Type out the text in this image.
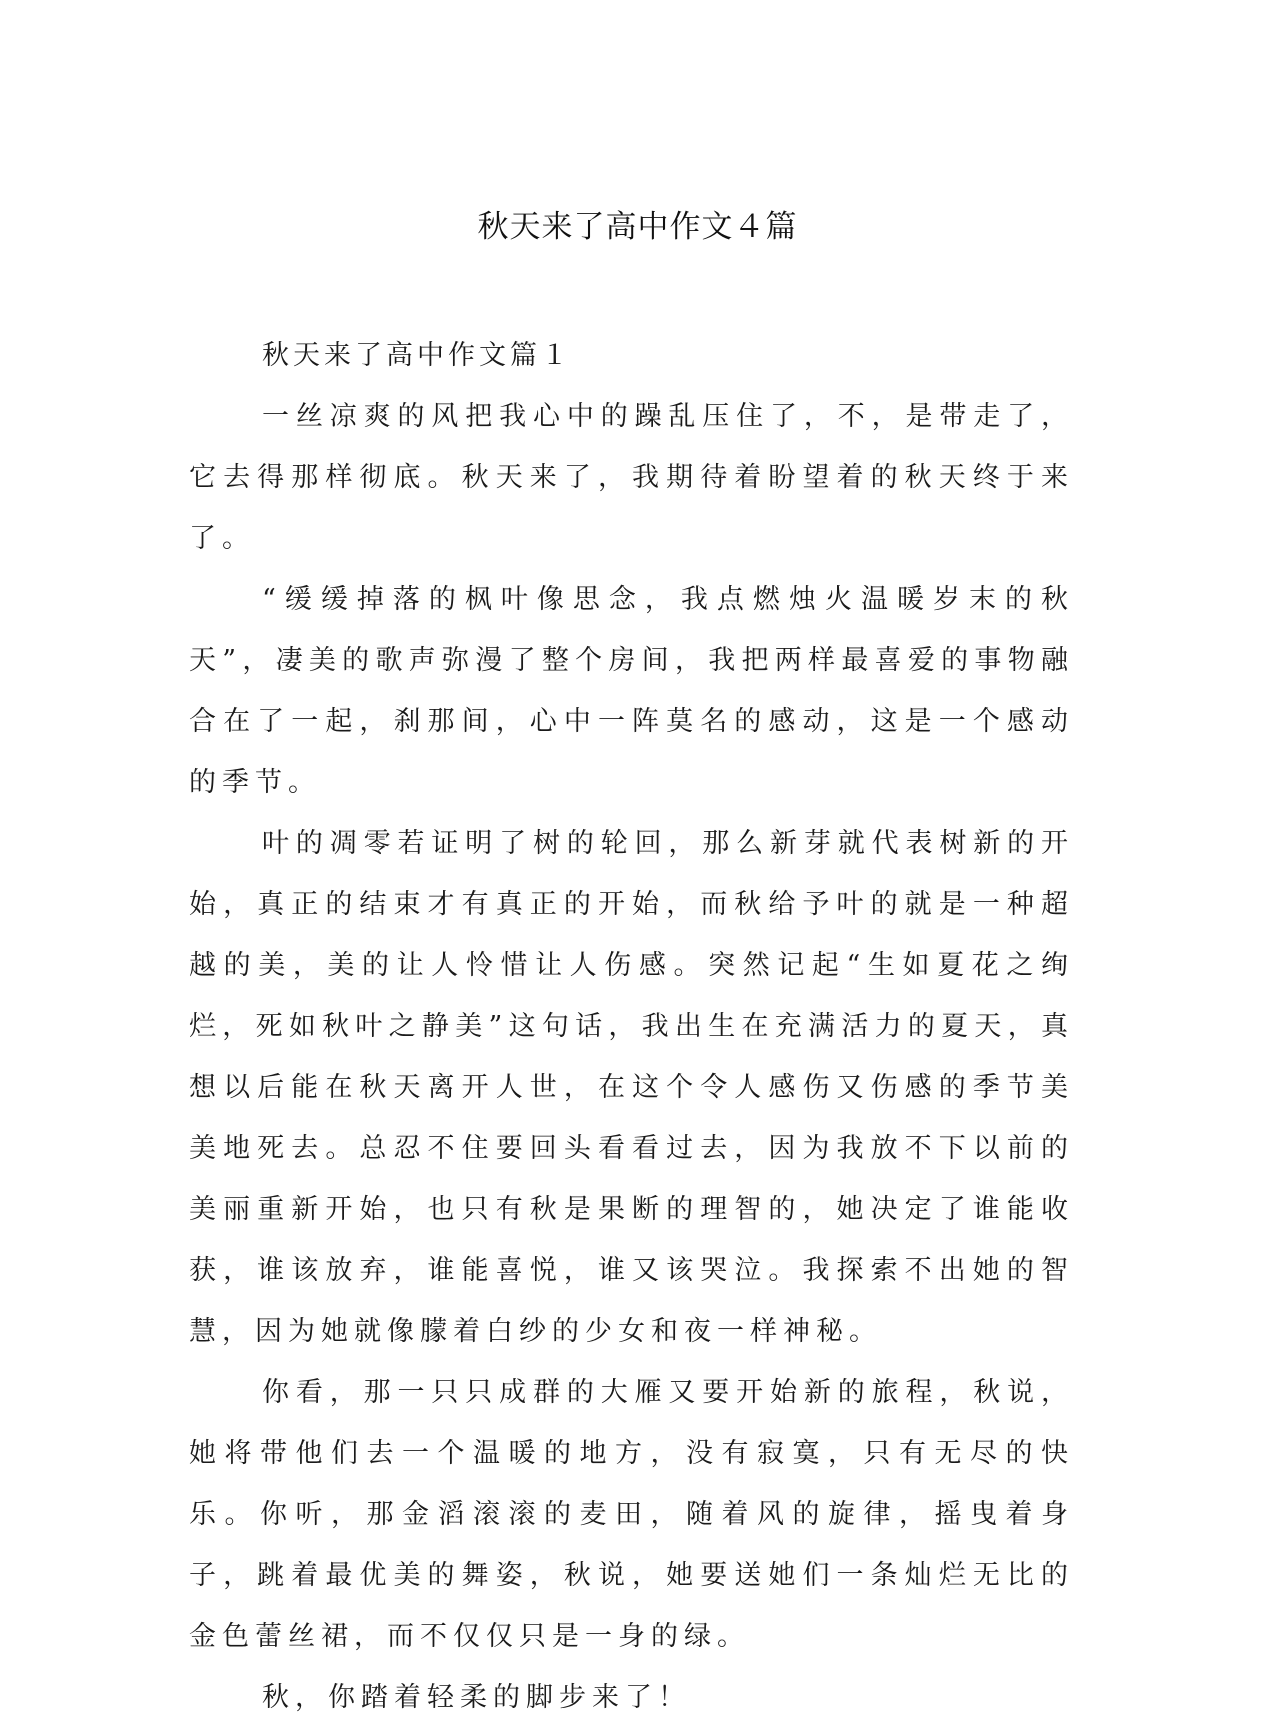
秋天来了高中作文４篇

秋天来了高中作文篇１

一丝凉爽的风把我心中的躁乱压住了，不，是带走了，它去得那样彻底。秋天来了，我期待着盼望着的秋天终于来了。

“缓缓掉落的枫叶像思念，我点燃烛火温暖岁末的秋天”，凄美的歌声弥漫了整个房间，我把两样最喜爱的事物融合在了一起，刹那间，心中一阵莫名的感动，这是一个感动的季节。

叶的凋零若证明了树的轮回，那么新芽就代表树新的开始，真正的结束才有真正的开始，而秋给予叶的就是一种超越的美，美的让人怜惜让人伤感。突然记起“生如夏花之绚烂，死如秋叶之静美”这句话，我出生在充满活力的夏天，真想以后能在秋天离开人世，在这个令人感伤又伤感的季节美美地死去。总忍不住要回头看看过去，因为我放不下以前的美丽重新开始，也只有秋是果断的理智的，她决定了谁能收获，谁该放弃，谁能喜悦，谁又该哭泣。我探索不出她的智慧，因为她就像朦着白纱的少女和夜一样神秘。

你看，那一只只成群的大雁又要开始新的旅程，秋说，她将带他们去一个温暖的地方，没有寂寞，只有无尽的快乐。你听，那金滔滚滚的麦田，随着风的旋律，摇曳着身子，跳着最优美的舞姿，秋说，她要送她们一条灿烂无比的金色蕾丝裙，而不仅仅只是一身的绿。

秋，你踏着轻柔的脚步来了！
